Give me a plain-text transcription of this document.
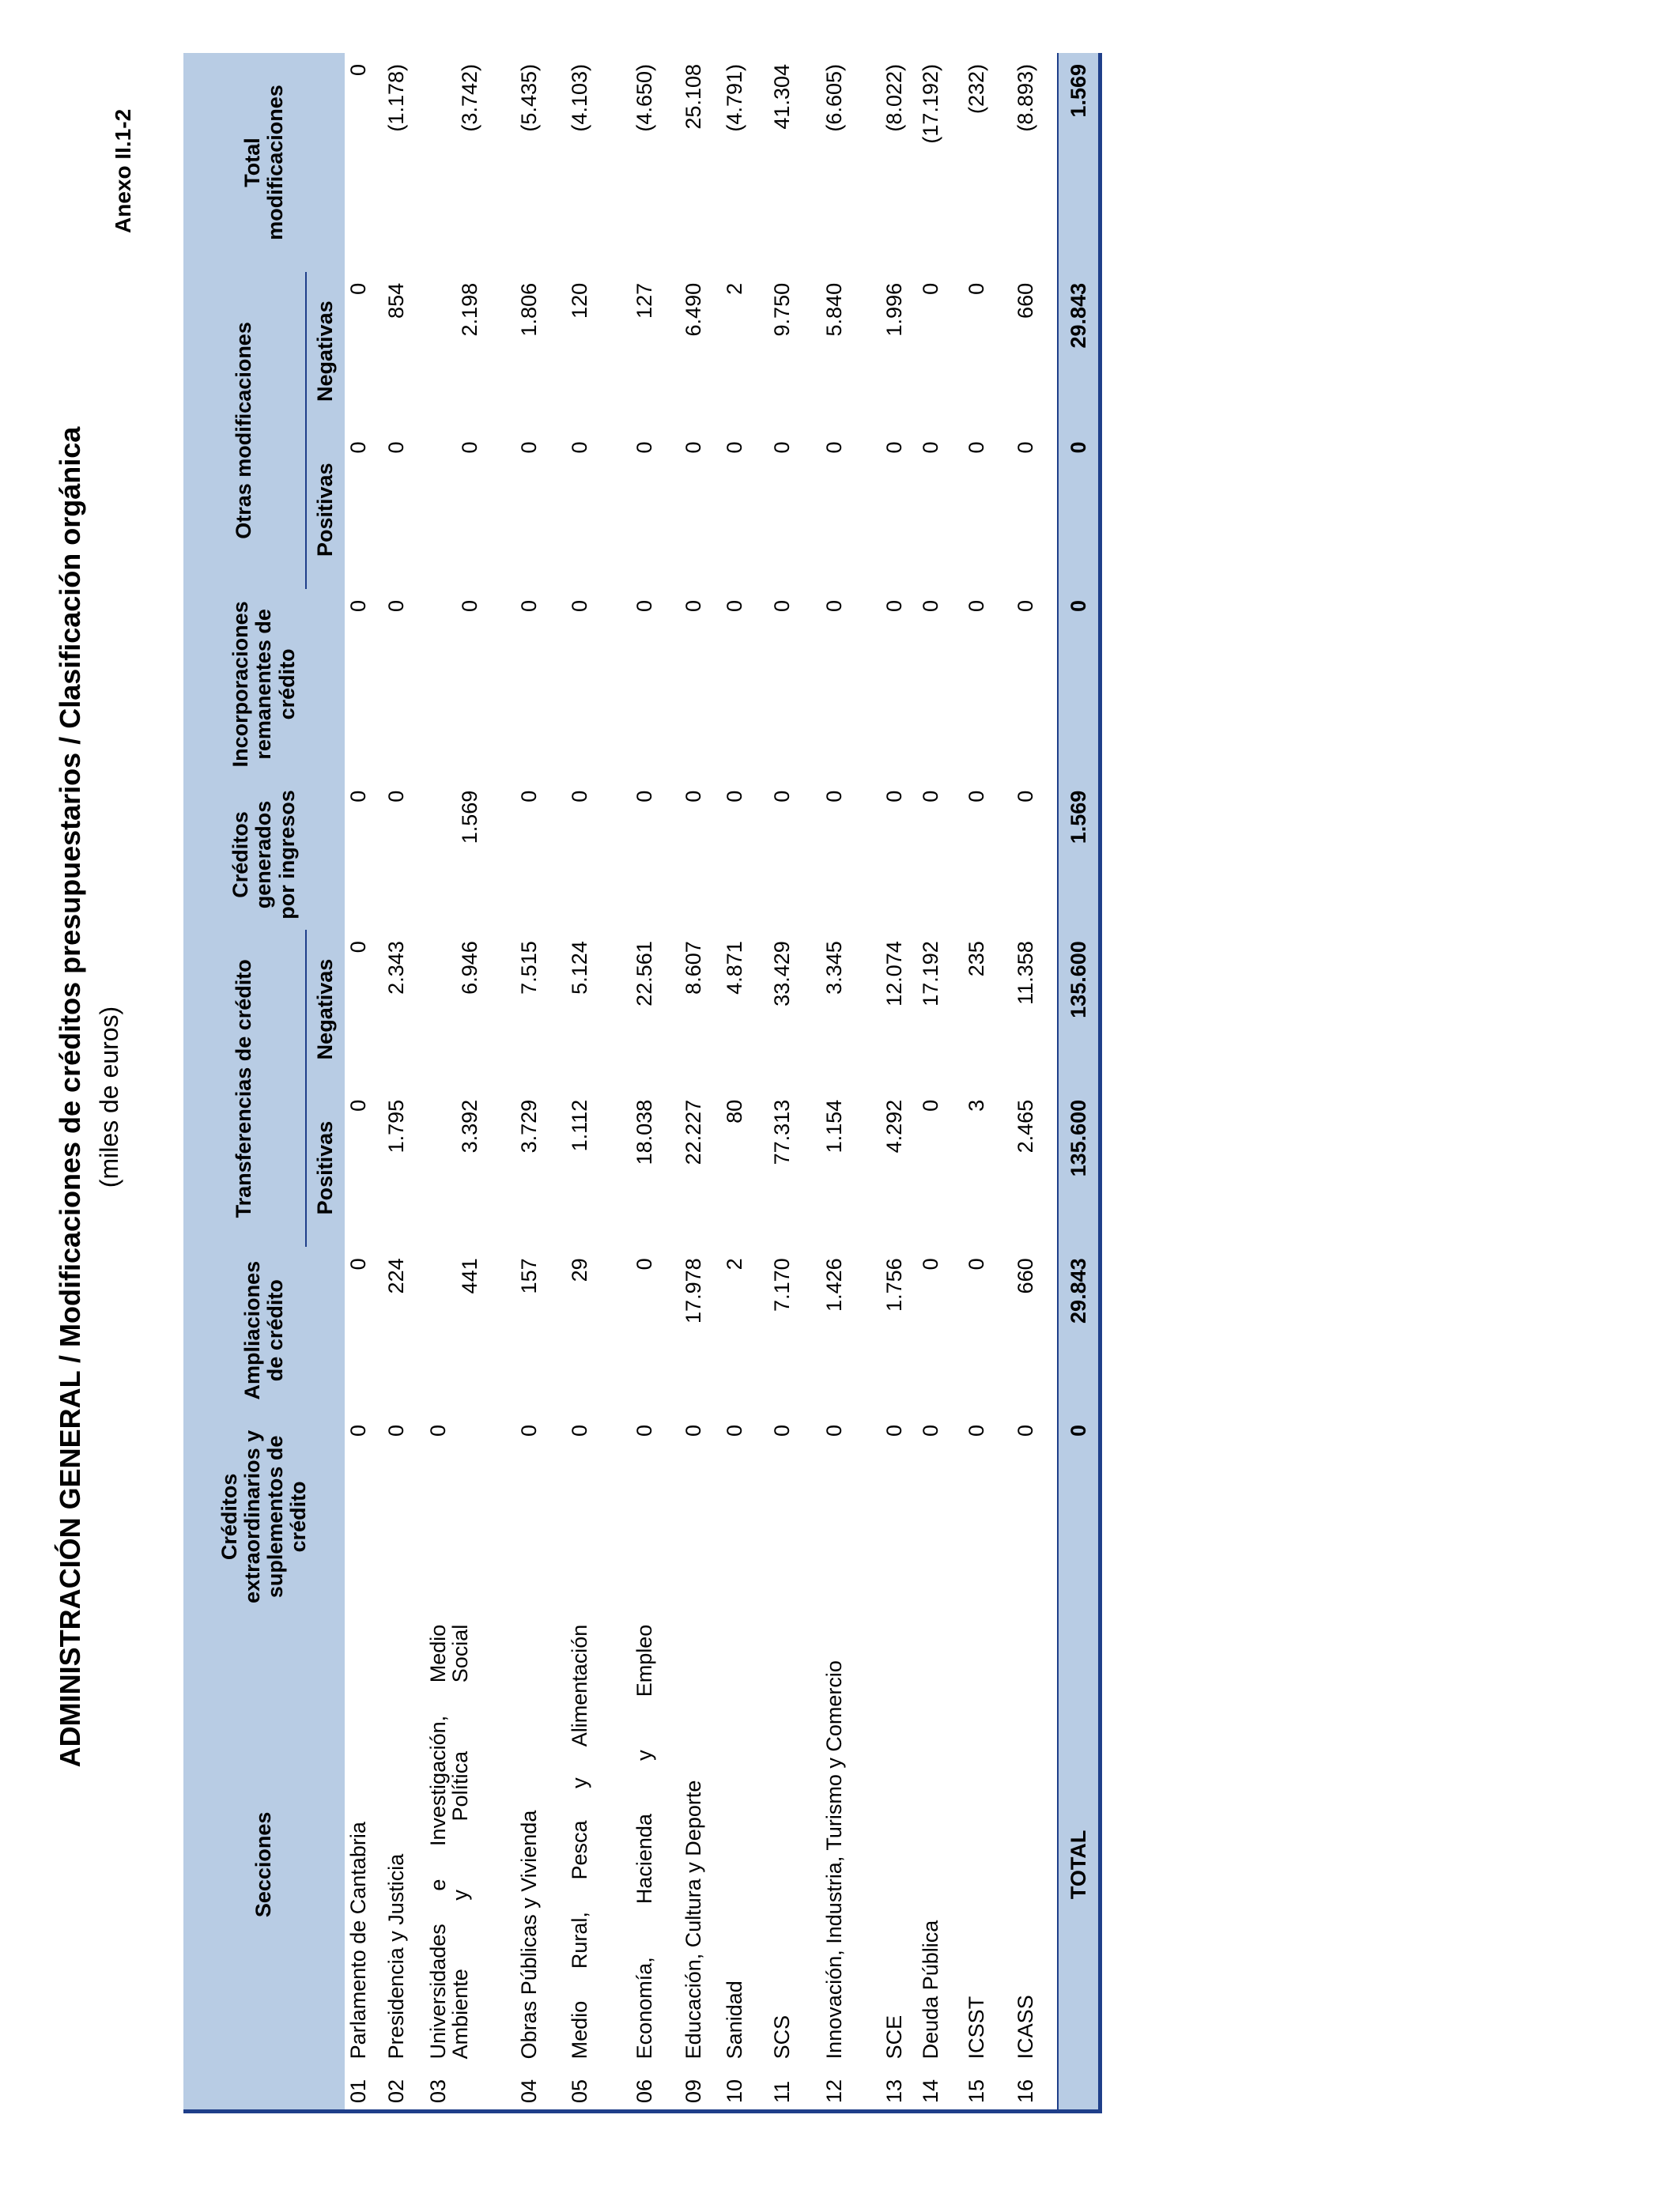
Anexo II.1-2
ADMINISTRACIÓN GENERAL / Modificaciones de créditos presupuestarios / Clasificación orgánica (miles de euros)
Secciones		Créditos extraordinarios y suplementos de crédito	Ampliaciones de crédito	Transferencias de crédito		Créditos generados por ingresos	Incorporaciones remanentes de crédito	Otras modificaciones		Total modificaciones
				Positivas	Negativas			Positivas	Negativas	
01	Parlamento de Cantabria	0	0	0	0	0	0	0	0	0
02	Presidencia y Justicia	0	224	1.795	2.343	0	0	0	854	(1.178)
03	Universidades e Investigación, Medio Ambiente y Política Social	0	441	3.392	6.946	1.569	0	0	2.198	(3.742)
04	Obras Públicas y Vivienda	0	157	3.729	7.515	0	0	0	1.806	(5.435)
05	Medio Rural, Pesca y Alimentación	0	29	1.112	5.124	0	0	0	120	(4.103)
06	Economía, Hacienda y Empleo	0	0	18.038	22.561	0	0	0	127	(4.650)
09	Educación, Cultura y Deporte	0	17.978	22.227	8.607	0	0	0	6.490	25.108
10	Sanidad	0	2	80	4.871	0	0	0	2	(4.791)
11	SCS	0	7.170	77.313	33.429	0	0	0	9.750	41.304
12	Innovación, Industria, Turismo y Comercio	0	1.426	1.154	3.345	0	0	0	5.840	(6.605)
13	SCE	0	1.756	4.292	12.074	0	0	0	1.996	(8.022)
14	Deuda Pública	0	0	0	17.192	0	0	0	0	(17.192)
15	ICSST	0	0	3	235	0	0	0	0	(232)
16	ICASS	0	660	2.465	11.358	0	0	0	660	(8.893)
TOTAL		0	29.843	135.600	135.600	1.569	0	0	29.843	1.569
